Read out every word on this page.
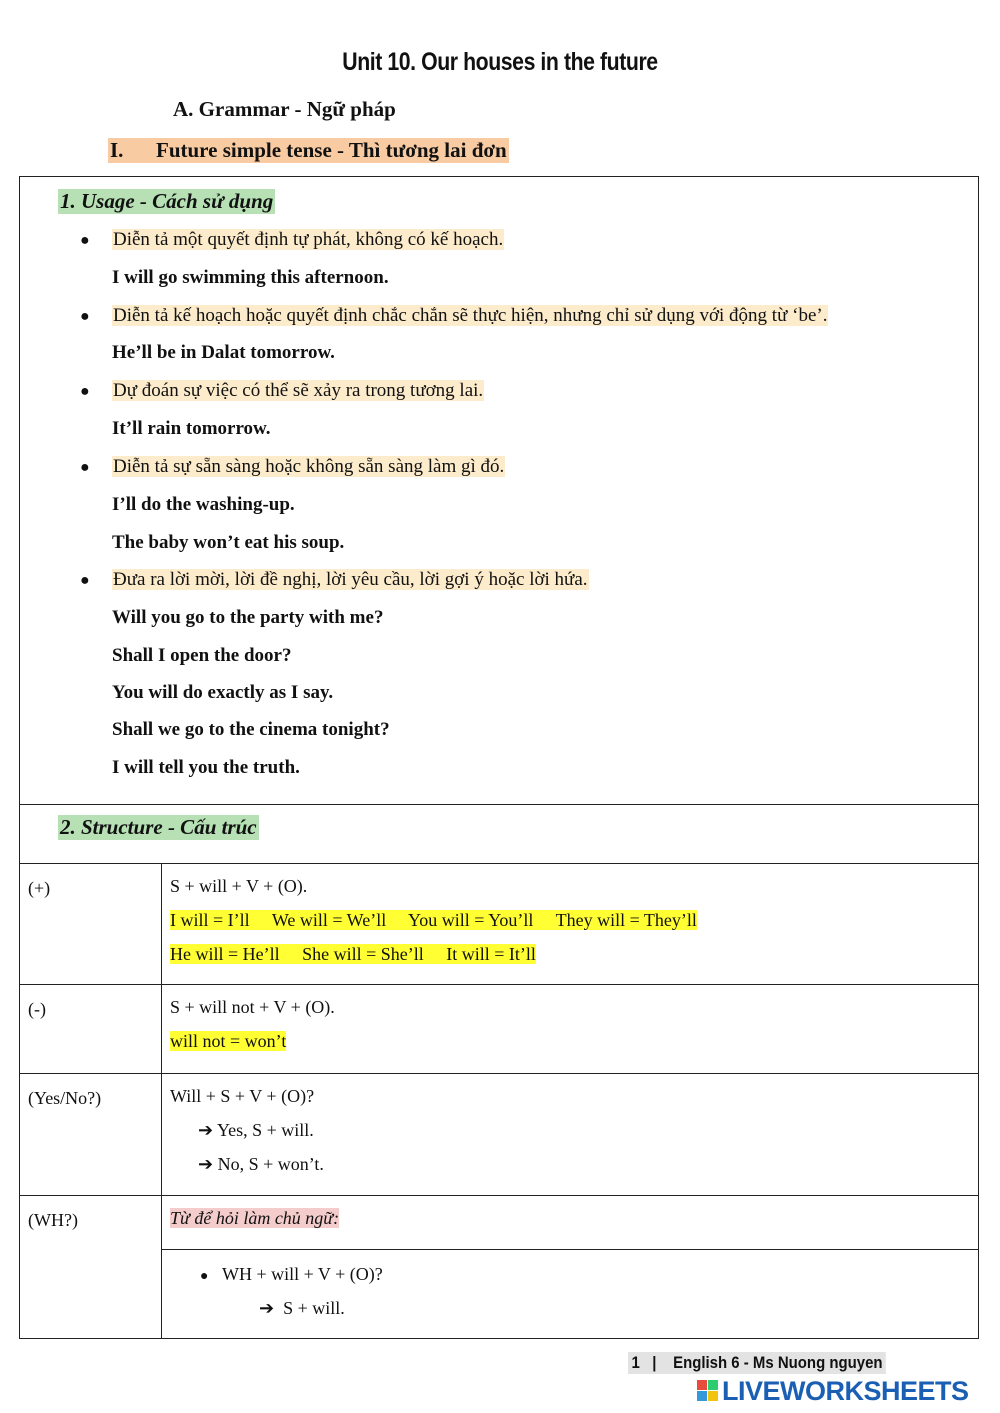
Unit 10. Our houses in the future
A. Grammar - Ngữ pháp
I. Future simple tense - Thì tương lai đơn
1. Usage - Cách sử dụng
● Diễn tả một quyết định tự phát, không có kế hoạch.
I will go swimming this afternoon.
● Diễn tả kế hoạch hoặc quyết định chắc chắn sẽ thực hiện, nhưng chỉ sử dụng với động từ ‘be’.
He’ll be in Dalat tomorrow.
● Dự đoán sự việc có thể sẽ xảy ra trong tương lai.
It’ll rain tomorrow.
● Diễn tả sự sẵn sàng hoặc không sẵn sàng làm gì đó.
I’ll do the washing-up.
The baby won’t eat his soup.
● Đưa ra lời mời, lời đề nghị, lời yêu cầu, lời gợi ý hoặc lời hứa.
Will you go to the party with me?
Shall I open the door?
You will do exactly as I say.
Shall we go to the cinema tonight?
I will tell you the truth.
2. Structure - Cấu trúc
(+)	S + will + V + (O).
I will = I’ll     We will = We’ll     You will = You’ll     They will = They’ll
He will = He’ll     She will = She’ll     It will = It’ll

(-)	S + will not + V + (O).
will not = won’t

(Yes/No?)	Will + S + V + (O)?
➔ Yes, S + will.
➔ No, S + won’t.

(WH?)	Từ để hỏi làm chủ ngữ:
● WH + will + V + (O)?
➔ S + will.
1   |    English 6 - Ms Nuong nguyen
LIVEWORKSHEETS
